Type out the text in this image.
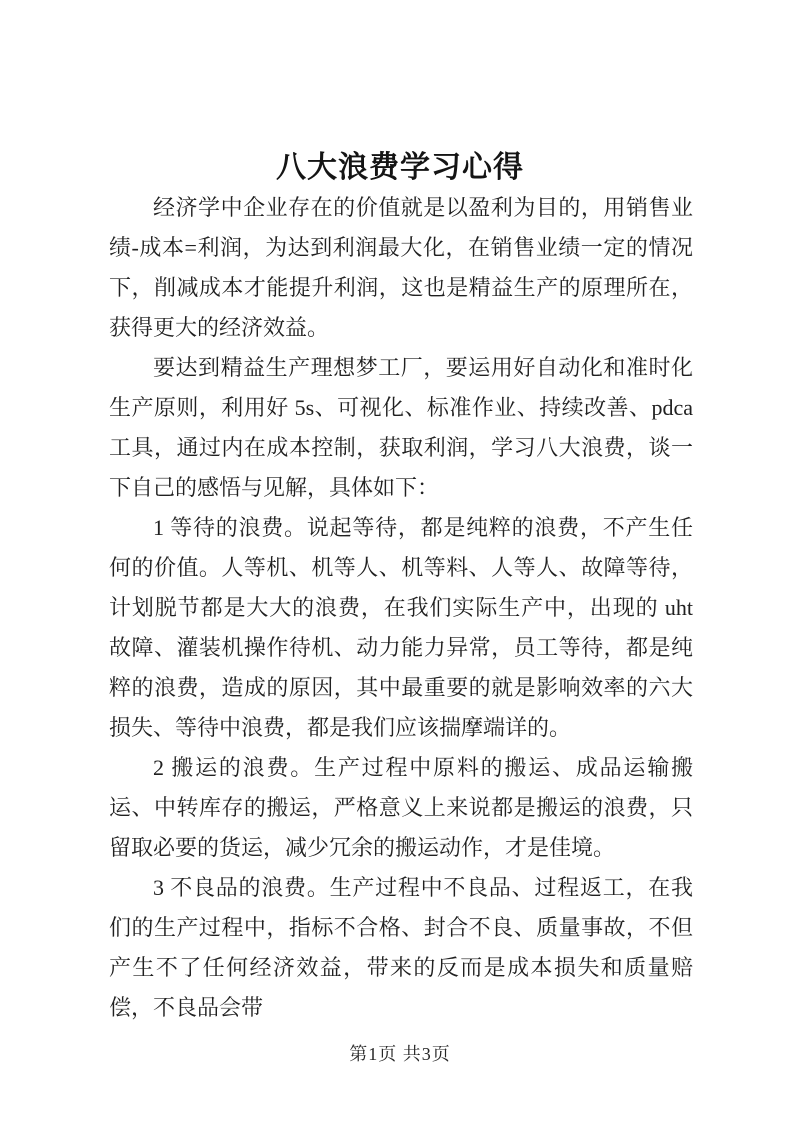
八大浪费学习心得

经济学中企业存在的价值就是以盈利为目的，用销售业绩-成本=利润，为达到利润最大化，在销售业绩一定的情况下，削减成本才能提升利润，这也是精益生产的原理所在，获得更大的经济效益。

要达到精益生产理想梦工厂，要运用好自动化和准时化生产原则，利用好 5s、可视化、标准作业、持续改善、pdca 工具，通过内在成本控制，获取利润，学习八大浪费，谈一下自己的感悟与见解，具体如下：

1 等待的浪费。说起等待，都是纯粹的浪费，不产生任何的价值。人等机、机等人、机等料、人等人、故障等待，计划脱节都是大大的浪费，在我们实际生产中，出现的 uht 故障、灌装机操作待机、动力能力异常，员工等待，都是纯粹的浪费，造成的原因，其中最重要的就是影响效率的六大损失、等待中浪费，都是我们应该揣摩端详的。

2 搬运的浪费。生产过程中原料的搬运、成品运输搬运、中转库存的搬运，严格意义上来说都是搬运的浪费，只留取必要的货运，减少冗余的搬运动作，才是佳境。

3 不良品的浪费。生产过程中不良品、过程返工，在我们的生产过程中，指标不合格、封合不良、质量事故，不但产生不了任何经济效益，带来的反而是成本损失和质量赔偿，不良品会带

第1页 共3页
